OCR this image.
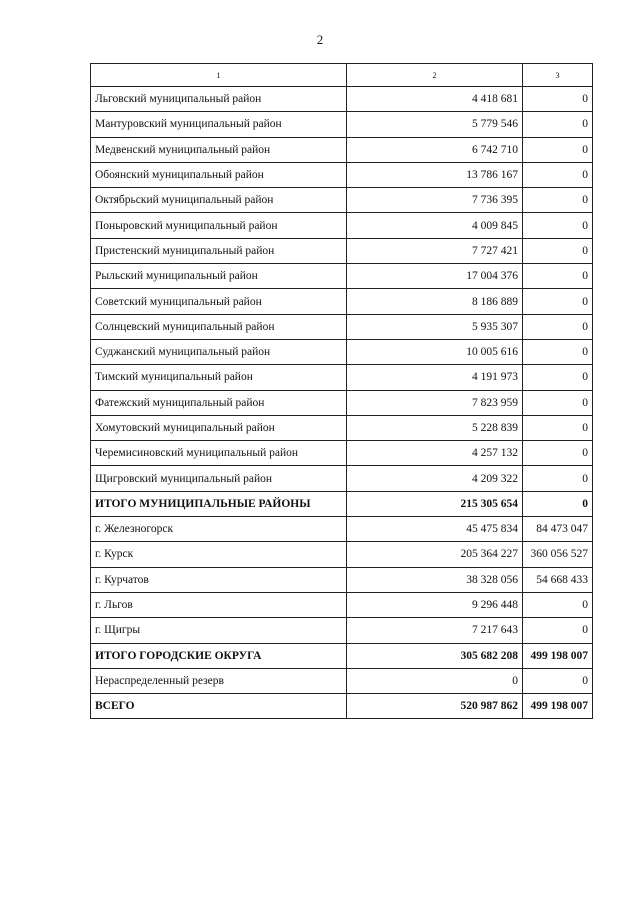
2
1	2	3
Льговский муниципальный район	4 418 681	0
Мантуровский муниципальный район	5 779 546	0
Медвенский муниципальный район	6 742 710	0
Обоянский муниципальный район	13 786 167	0
Октябрьский муниципальный район	7 736 395	0
Поныровский муниципальный район	4 009 845	0
Пристенский муниципальный район	7 727 421	0
Рыльский муниципальный район	17 004 376	0
Советский муниципальный район	8 186 889	0
Солнцевский муниципальный район	5 935 307	0
Суджанский муниципальный район	10 005 616	0
Тимский муниципальный район	4 191 973	0
Фатежский муниципальный район	7 823 959	0
Хомутовский муниципальный район	5 228 839	0
Черемисиновский муниципальный район	4 257 132	0
Щигровский муниципальный район	4 209 322	0
ИТОГО МУНИЦИПАЛЬНЫЕ РАЙОНЫ	215 305 654	0
г. Железногорск	45 475 834	84 473 047
г. Курск	205 364 227	360 056 527
г. Курчатов	38 328 056	54 668 433
г. Льгов	9 296 448	0
г. Щигры	7 217 643	0
ИТОГО ГОРОДСКИЕ ОКРУГА	305 682 208	499 198 007
Нераспределенный резерв	0	0
ВСЕГО	520 987 862	499 198 007
